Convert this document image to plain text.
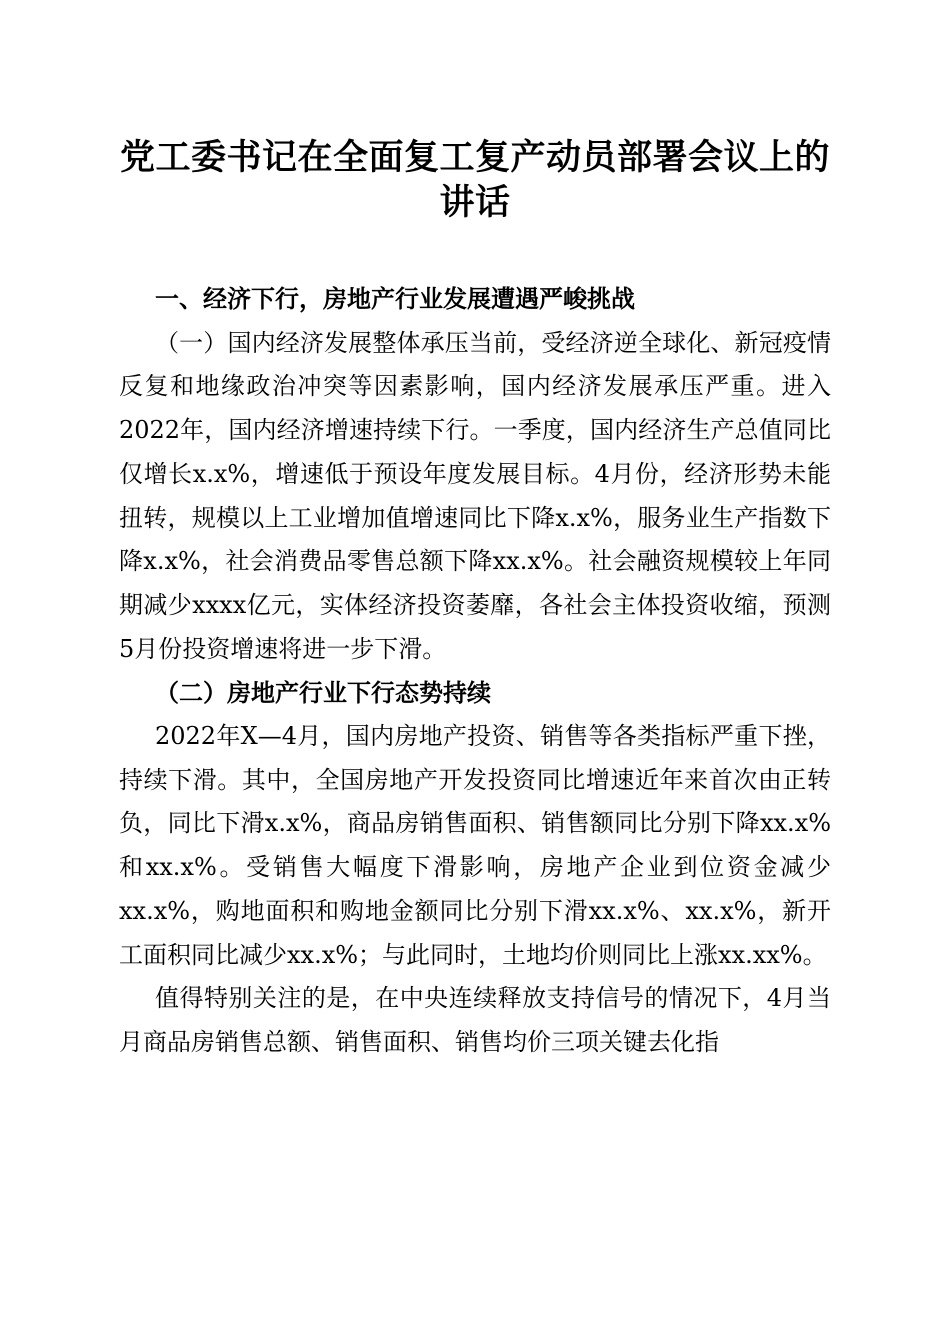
党工委书记在全面复工复产动员部署会议上的
讲话

一、经济下行，房地产行业发展遭遇严峻挑战

（一）国内经济发展整体承压当前，受经济逆全球化、新冠疫情反复和地缘政治冲突等因素影响，国内经济发展承压严重。进入2022年，国内经济增速持续下行。一季度，国内经济生产总值同比仅增长x.x%，增速低于预设年度发展目标。4月份，经济形势未能扭转，规模以上工业增加值增速同比下降x.x%，服务业生产指数下降x.x%，社会消费品零售总额下降xx.x%。社会融资规模较上年同期减少xxxx亿元，实体经济投资萎靡，各社会主体投资收缩，预测5月份投资增速将进一步下滑。

（二）房地产行业下行态势持续

2022年X—4月，国内房地产投资、销售等各类指标严重下挫，持续下滑。其中，全国房地产开发投资同比增速近年来首次由正转负，同比下滑x.x%，商品房销售面积、销售额同比分别下降xx.x%和xx.x%。受销售大幅度下滑影响，房地产企业到位资金减少xx.x%，购地面积和购地金额同比分别下滑xx.x%、xx.x%，新开工面积同比减少xx.x%；与此同时，土地均价则同比上涨xx.xx%。

值得特别关注的是，在中央连续释放支持信号的情况下，4月当月商品房销售总额、销售面积、销售均价三项关键去化指
